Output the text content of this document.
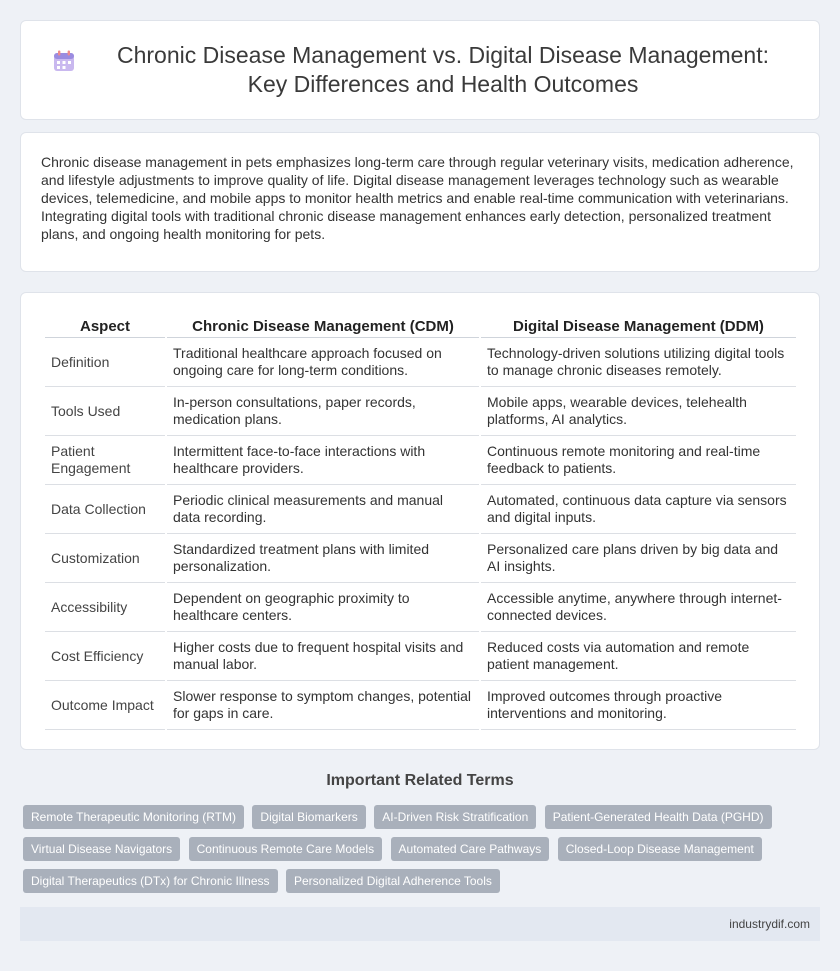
Chronic Disease Management vs. Digital Disease Management: Key Differences and Health Outcomes

Chronic disease management in pets emphasizes long-term care through regular veterinary visits, medication adherence, and lifestyle adjustments to improve quality of life. Digital disease management leverages technology such as wearable devices, telemedicine, and mobile apps to monitor health metrics and enable real-time communication with veterinarians. Integrating digital tools with traditional chronic disease management enhances early detection, personalized treatment plans, and ongoing health monitoring for pets.

Aspect	Chronic Disease Management (CDM)	Digital Disease Management (DDM)
Definition	Traditional healthcare approach focused on ongoing care for long-term conditions.	Technology-driven solutions utilizing digital tools to manage chronic diseases remotely.
Tools Used	In-person consultations, paper records, medication plans.	Mobile apps, wearable devices, telehealth platforms, AI analytics.
Patient Engagement	Intermittent face-to-face interactions with healthcare providers.	Continuous remote monitoring and real-time feedback to patients.
Data Collection	Periodic clinical measurements and manual data recording.	Automated, continuous data capture via sensors and digital inputs.
Customization	Standardized treatment plans with limited personalization.	Personalized care plans driven by big data and AI insights.
Accessibility	Dependent on geographic proximity to healthcare centers.	Accessible anytime, anywhere through internet-connected devices.
Cost Efficiency	Higher costs due to frequent hospital visits and manual labor.	Reduced costs via automation and remote patient management.
Outcome Impact	Slower response to symptom changes, potential for gaps in care.	Improved outcomes through proactive interventions and monitoring.
Important Related Terms
Remote Therapeutic Monitoring (RTM) Digital Biomarkers AI-Driven Risk Stratification Patient-Generated Health Data (PGHD) Virtual Disease Navigators Continuous Remote Care Models Automated Care Pathways Closed-Loop Disease Management Digital Therapeutics (DTx) for Chronic Illness Personalized Digital Adherence Tools
industrydif.com
